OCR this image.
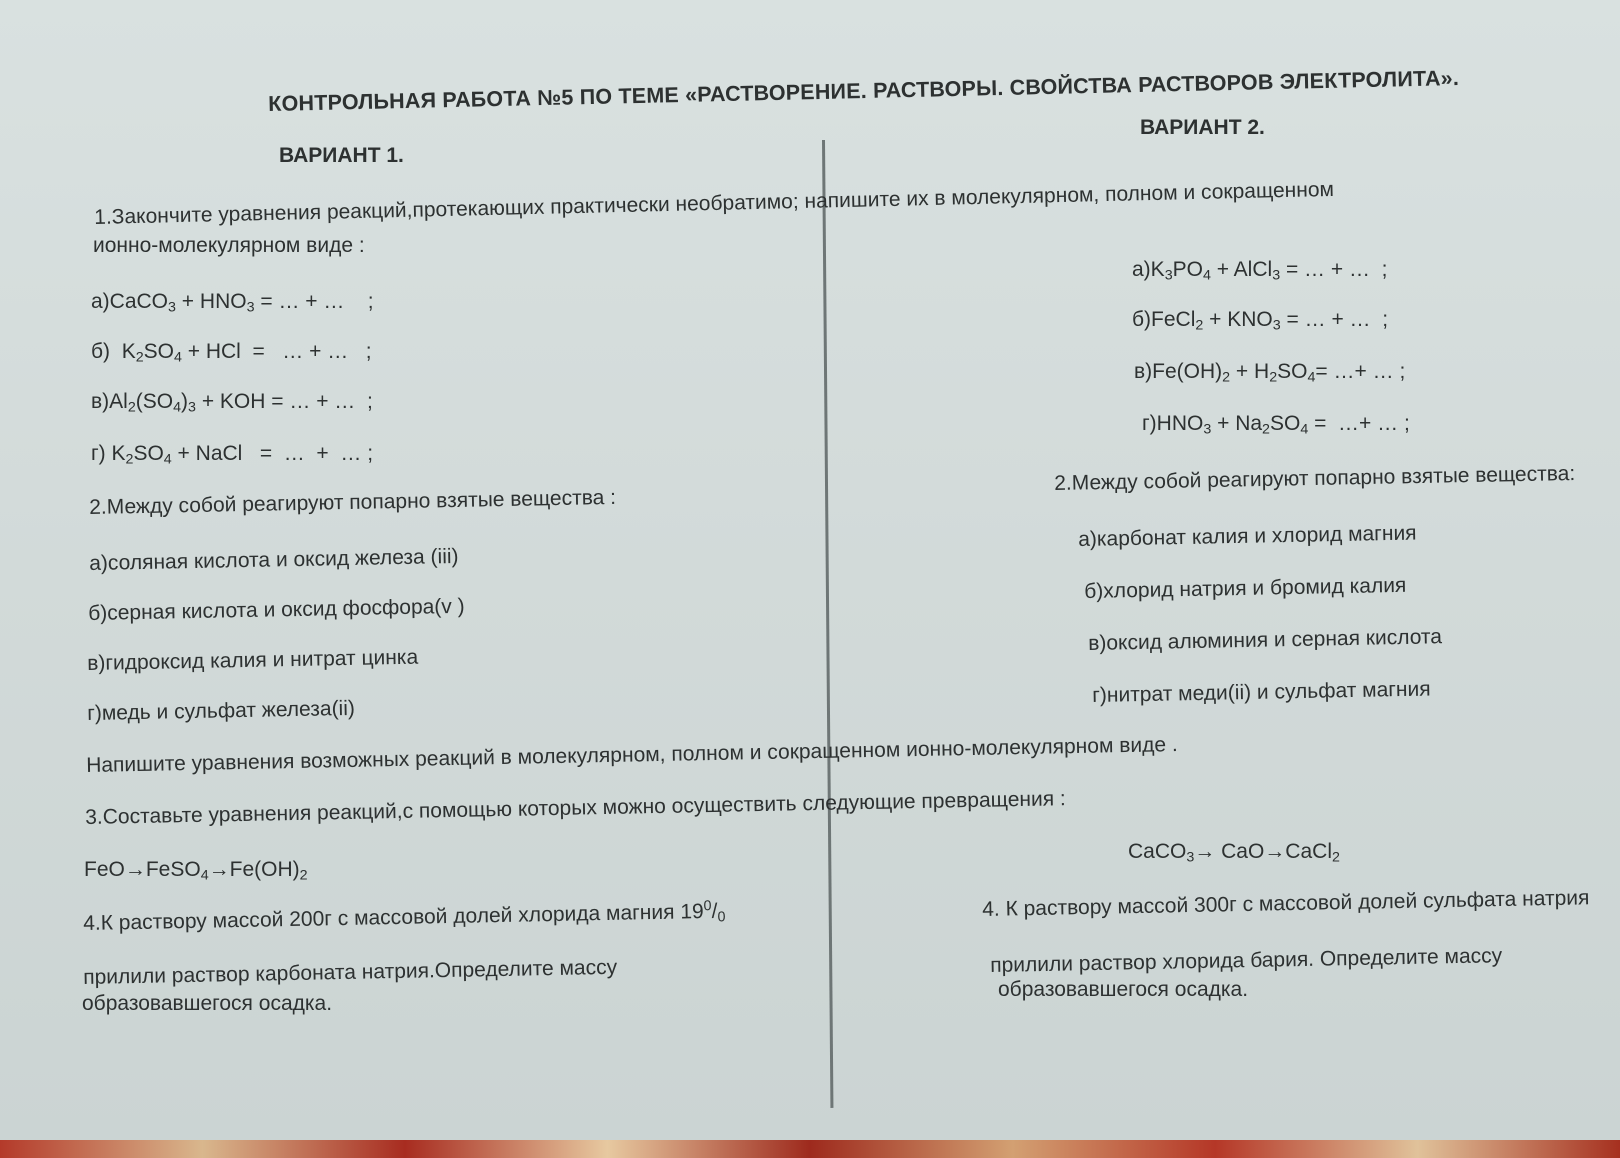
КОНТРОЛЬНАЯ РАБОТА №5 ПО ТЕМЕ «РАСТВОРЕНИЕ. РАСТВОРЫ. СВОЙСТВА РАСТВОРОВ ЭЛЕКТРОЛИТА».
ВАРИАНТ 1.
ВАРИАНТ 2.
1.Закончите уравнения реакций,протекающих практически необратимо; напишите их в молекулярном, полном и сокращенном
ионно-молекулярном виде :
а)CaCO$_3$ + $HNO_3$ = … + …    ;
б)  $K_2SO_4$ + HCl  =   … + …   ;
$в)Al_2(SO_4)_3$ + KOH = … + …  ;
г) $K_2SO_4$ + NaCl   =  …  +  … ;
$а)K_3PO_4$ + AlCl$_3$ = … + …  ;
б)FeCl$_2$ + $KNO_3$ = … + …  ;
$в)Fe(OH)_2 + H_2SO_4=$ …+ … ;
$г)HNO_3 + Na_2SO_4$ =  …+ … ;
2.Между собой реагируют попарно взятые вещества :
а)соляная кислота и оксид железа (iii)
б)серная кислота и оксид фосфора(v )
в)гидроксид калия и нитрат цинка
г)медь и сульфат железа(ii)
2.Между собой реагируют попарно взятые вещества:
а)карбонат калия и хлорид магния
б)хлорид натрия и бромид калия
в)оксид алюминия и серная кислота
г)нитрат меди(ii) и сульфат магния
Напишите уравнения возможных реакций в молекулярном, полном и сокращенном ионно-молекулярном виде .
3.Составьте уравнения реакций,с помощью которых можно осуществить следующие превращения :
$FeO\to FeSO_4\to Fe(OH)_2$
CaCO$_3$→ CaO→CaCl$_2$
4.К раствору массой 200г с массовой долей хлорида магния $19^0/_0$
прилили раствор карбоната натрия.Определите массу
образовавшегося осадка.
4. К раствору массой 300г с массовой долей сульфата натрия
прилили раствор хлорида бария. Определите массу
образовавшегося осадка.
